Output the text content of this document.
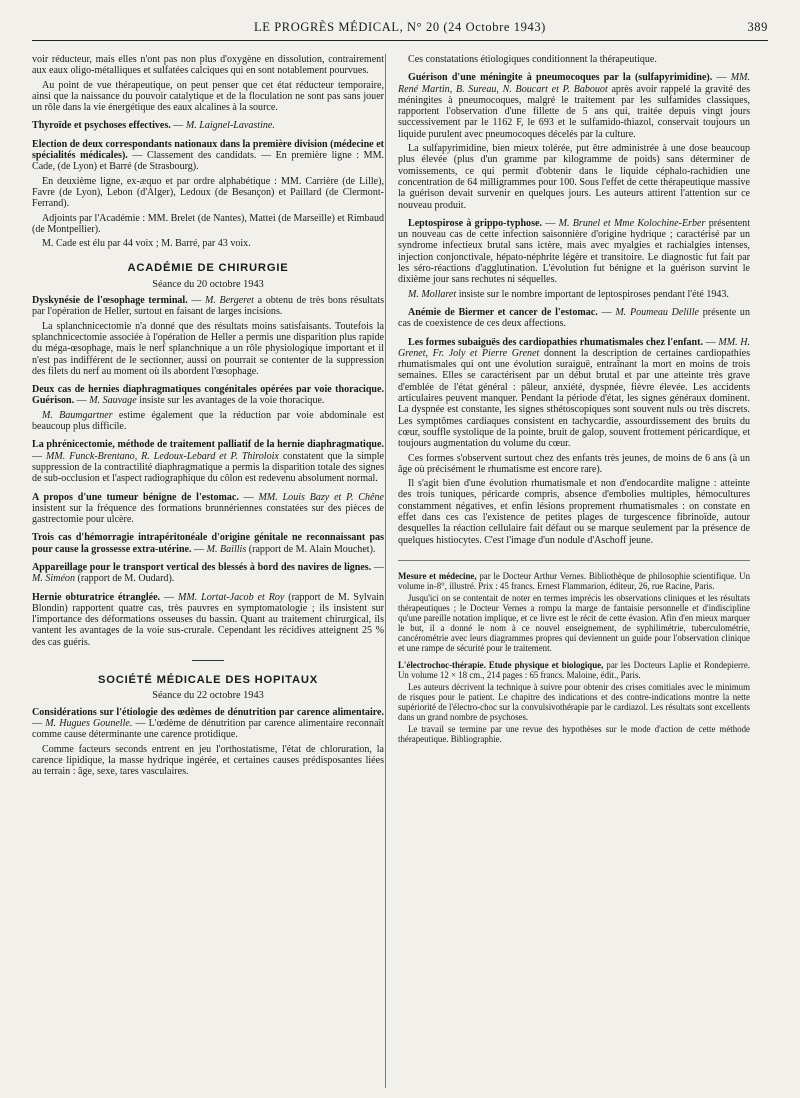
LE PROGRÈS MÉDICAL, N° 20 (24 Octobre 1943)	389

voir réducteur, mais elles n'ont pas non plus d'oxygène en dissolution, contrairement aux eaux oligo-métalliques et sulfatées calciques qui en sont notablement pourvues.

Au point de vue thérapeutique, on peut penser que cet état réducteur temporaire, ainsi que la naissance du pouvoir catalytique et de la floculation ne sont pas sans jouer un rôle dans la vie énergétique des eaux alcalines à la source.

Thyroïde et psychoses effectives. — M. Laignel-Lavastine.

Election de deux correspondants nationaux dans la première division (médecine et spécialités médicales). — Classement des candidats. — En première ligne : MM. Cade, (de Lyon) et Barré (de Strasbourg).

En deuxième ligne, ex-æquo et par ordre alphabétique : MM. Carrière (de Lille), Favre (de Lyon), Lebon (d'Alger), Ledoux (de Besançon) et Paillard (de Clermont-Ferrand).

Adjoints par l'Académie : MM. Brelet (de Nantes), Mattei (de Marseille) et Rimbaud (de Montpellier).

M. Cade est élu par 44 voix ; M. Barré, par 43 voix.

ACADÉMIE DE CHIRURGIE
Séance du 20 octobre 1943

Dyskynésie de l'œsophage terminal. — M. Bergeret a obtenu de très bons résultats par l'opération de Heller, surtout en faisant de larges incisions.

La splanchnicectomie n'a donné que des résultats moins satisfaisants. Toutefois la splanchnicectomie associée à l'opération de Heller a permis une disparition plus rapide du méga-œsophage, mais le nerf splanchnique a un rôle physiologique important et il n'est pas indifférent de le sectionner, aussi on pourrait se contenter de la suppression des filets du nerf au moment où ils abordent l'œsophage.

Deux cas de hernies diaphragmatiques congénitales opérées par voie thoracique. Guérison. — M. Sauvage insiste sur les avantages de la voie thoracique.

M. Baumgartner estime également que la réduction par voie abdominale est beaucoup plus difficile.

La phrénicectomie, méthode de traitement palliatif de la hernie diaphragmatique. — MM. Funck-Brentano, R. Ledoux-Lebard et P. Thiroloix constatent que la simple suppression de la contractilité diaphragmatique a permis la disparition totale des signes de sub-occlusion et l'aspect radiographique du côlon est redevenu absolument normal.

A propos d'une tumeur bénigne de l'estomac. — MM. Louis Bazy et P. Chêne insistent sur la fréquence des formations brunnériennes constatées sur des pièces de gastrectomie pour ulcère.

Trois cas d'hémorragie intrapéritonéale d'origine génitale ne reconnaissant pas pour cause la grossesse extra-utérine. — M. Baillis (rapport de M. Alain Mouchet).

Appareillage pour le transport vertical des blessés à bord des navires de lignes. — M. Siméon (rapport de M. Oudard).

Hernie obturatrice étranglée. — MM. Lortat-Jacob et Roy (rapport de M. Sylvain Blondin) rapportent quatre cas, très pauvres en symptomatologie ; ils insistent sur l'importance des déformations osseuses du bassin. Quant au traitement chirurgical, ils vantent les avantages de la voie sus-crurale. Cependant les récidives atteignent 25 % des cas guéris.

SOCIÉTÉ MÉDICALE DES HOPITAUX
Séance du 22 octobre 1943

Considérations sur l'étiologie des œdèmes de dénutrition par carence alimentaire. — M. Hugues Gounelle. — L'œdème de dénutrition par carence alimentaire reconnaît comme cause déterminante une carence protidique.

Comme facteurs seconds entrent en jeu l'orthostatisme, l'état de chloruration, la carence lipidique, la masse hydrique ingérée, et certaines causes prédisposantes liées au terrain : âge, sexe, tares vasculaires.

Ces constatations étiologiques conditionnent la thérapeutique.

Guérison d'une méningite à pneumocoques par la (sulfapyrimidine). — MM. René Martin, B. Sureau, N. Boucart et P. Babouot après avoir rappelé la gravité des méningites à pneumocoques, malgré le traitement par les sulfamides classiques, rapportent l'observation d'une fillette de 5 ans qui, traitée depuis vingt jours successivement par le 1162 F, le 693 et le sulfamido-thiazol, conservait toujours un liquide purulent avec pneumocoques décelés par la culture.

La sulfapyrimidine, bien mieux tolérée, put être administrée à une dose beaucoup plus élevée (plus d'un gramme par kilogramme de poids) sans déterminer de vomissements, ce qui permit d'obtenir dans le liquide céphalo-rachidien une concentration de 64 milligrammes pour 100. Sous l'effet de cette thérapeutique massive la guérison devait survenir en quelques jours. Les auteurs attirent l'attention sur ce nouveau produit.

Leptospirose à grippo-typhose. — M. Brunel et Mme Kolochine-Erber présentent un nouveau cas de cette infection saisonnière d'origine hydrique ; caractérisé par un syndrome infectieux brutal sans ictère, mais avec myalgies et rachialgies intenses, injection conjonctivale, hépato-néphrite légère et transitoire. Le diagnostic fut fait par les séro-réactions d'agglutination. L'évolution fut bénigne et la guérison survint le dixième jour sans rechutes ni séquelles.

M. Mollaret insiste sur le nombre important de leptospiroses pendant l'été 1943.

Anémie de Biermer et cancer de l'estomac. — M. Poumeau Delille présente un cas de coexistence de ces deux affections.

Les formes subaiguës des cardiopathies rhumatismales chez l'enfant. — MM. H. Grenet, Fr. Joly et Pierre Grenet donnent la description de certaines cardiopathies rhumatismales qui ont une évolution suraiguë, entraînant la mort en moins de trois semaines. Elles se caractérisent par un début brutal et par une atteinte très grave d'emblée de l'état général : pâleur, anxiété, dyspnée, fièvre élevée. Les accidents articulaires peuvent manquer. Pendant la période d'état, les signes généraux dominent. La dyspnée est constante, les signes sthétoscopiques sont souvent nuls ou très discrets. Les symptômes cardiaques consistent en tachycardie, assourdissement des bruits du cœur, souffle systolique de la pointe, bruit de galop, souvent frottement péricardique, et toujours augmentation du volume du cœur.

Ces formes s'observent surtout chez des enfants très jeunes, de moins de 6 ans (à un âge où précisément le rhumatisme est encore rare).

Il s'agit bien d'une évolution rhumatismale et non d'endocardite maligne : atteinte des trois tuniques, péricarde compris, absence d'embolies multiples, hémocultures constamment négatives, et enfin lésions proprement rhumatismales : on constate en effet dans ces cas l'existence de petites plages de turgescence fibrinoïde, autour desquelles la réaction cellulaire fait défaut ou se marque seulement par la présence de quelques histiocytes. C'est l'image d'un nodule d'Aschoff jeune.

Mesure et médecine, par le Docteur Arthur Vernes. Bibliothèque de philosophie scientifique. Un volume in-8°, illustré. Prix : 45 francs. Ernest Flammarion, éditeur, 26, rue Racine, Paris.

Jusqu'ici on se contentait de noter en termes imprécis les observations cliniques et les résultats thérapeutiques ; le Docteur Vernes a rompu la marge de fantaisie personnelle et d'indiscipline qu'une pareille notation implique, et ce livre est le récit de cette évasion. Afin d'en mieux marquer le but, il a donné le nom à ce nouvel enseignement, de syphilimétrie, tuberculométrie, cancérométrie avec leurs diagrammes propres qui deviennent un guide pour l'observation clinique et une rampe de sécurité pour le traitement.

L'électrochoc-thérapie. Etude physique et biologique, par les Docteurs Laplie et Rondepierre. Un volume 12 × 18 cm., 214 pages : 65 francs. Maloine, édit., Paris.

Les auteurs décrivent la technique à suivre pour obtenir des crises comitiales avec le minimum de risques pour le patient. Le chapitre des indications et des contre-indications montre la nette supériorité de l'électro-choc sur la convulsivothérapie par le cardiazol. Les résultats sont excellents dans un grand nombre de psychoses.

Le travail se termine par une revue des hypothèses sur le mode d'action de cette méthode thérapeutique. Bibliographie.
